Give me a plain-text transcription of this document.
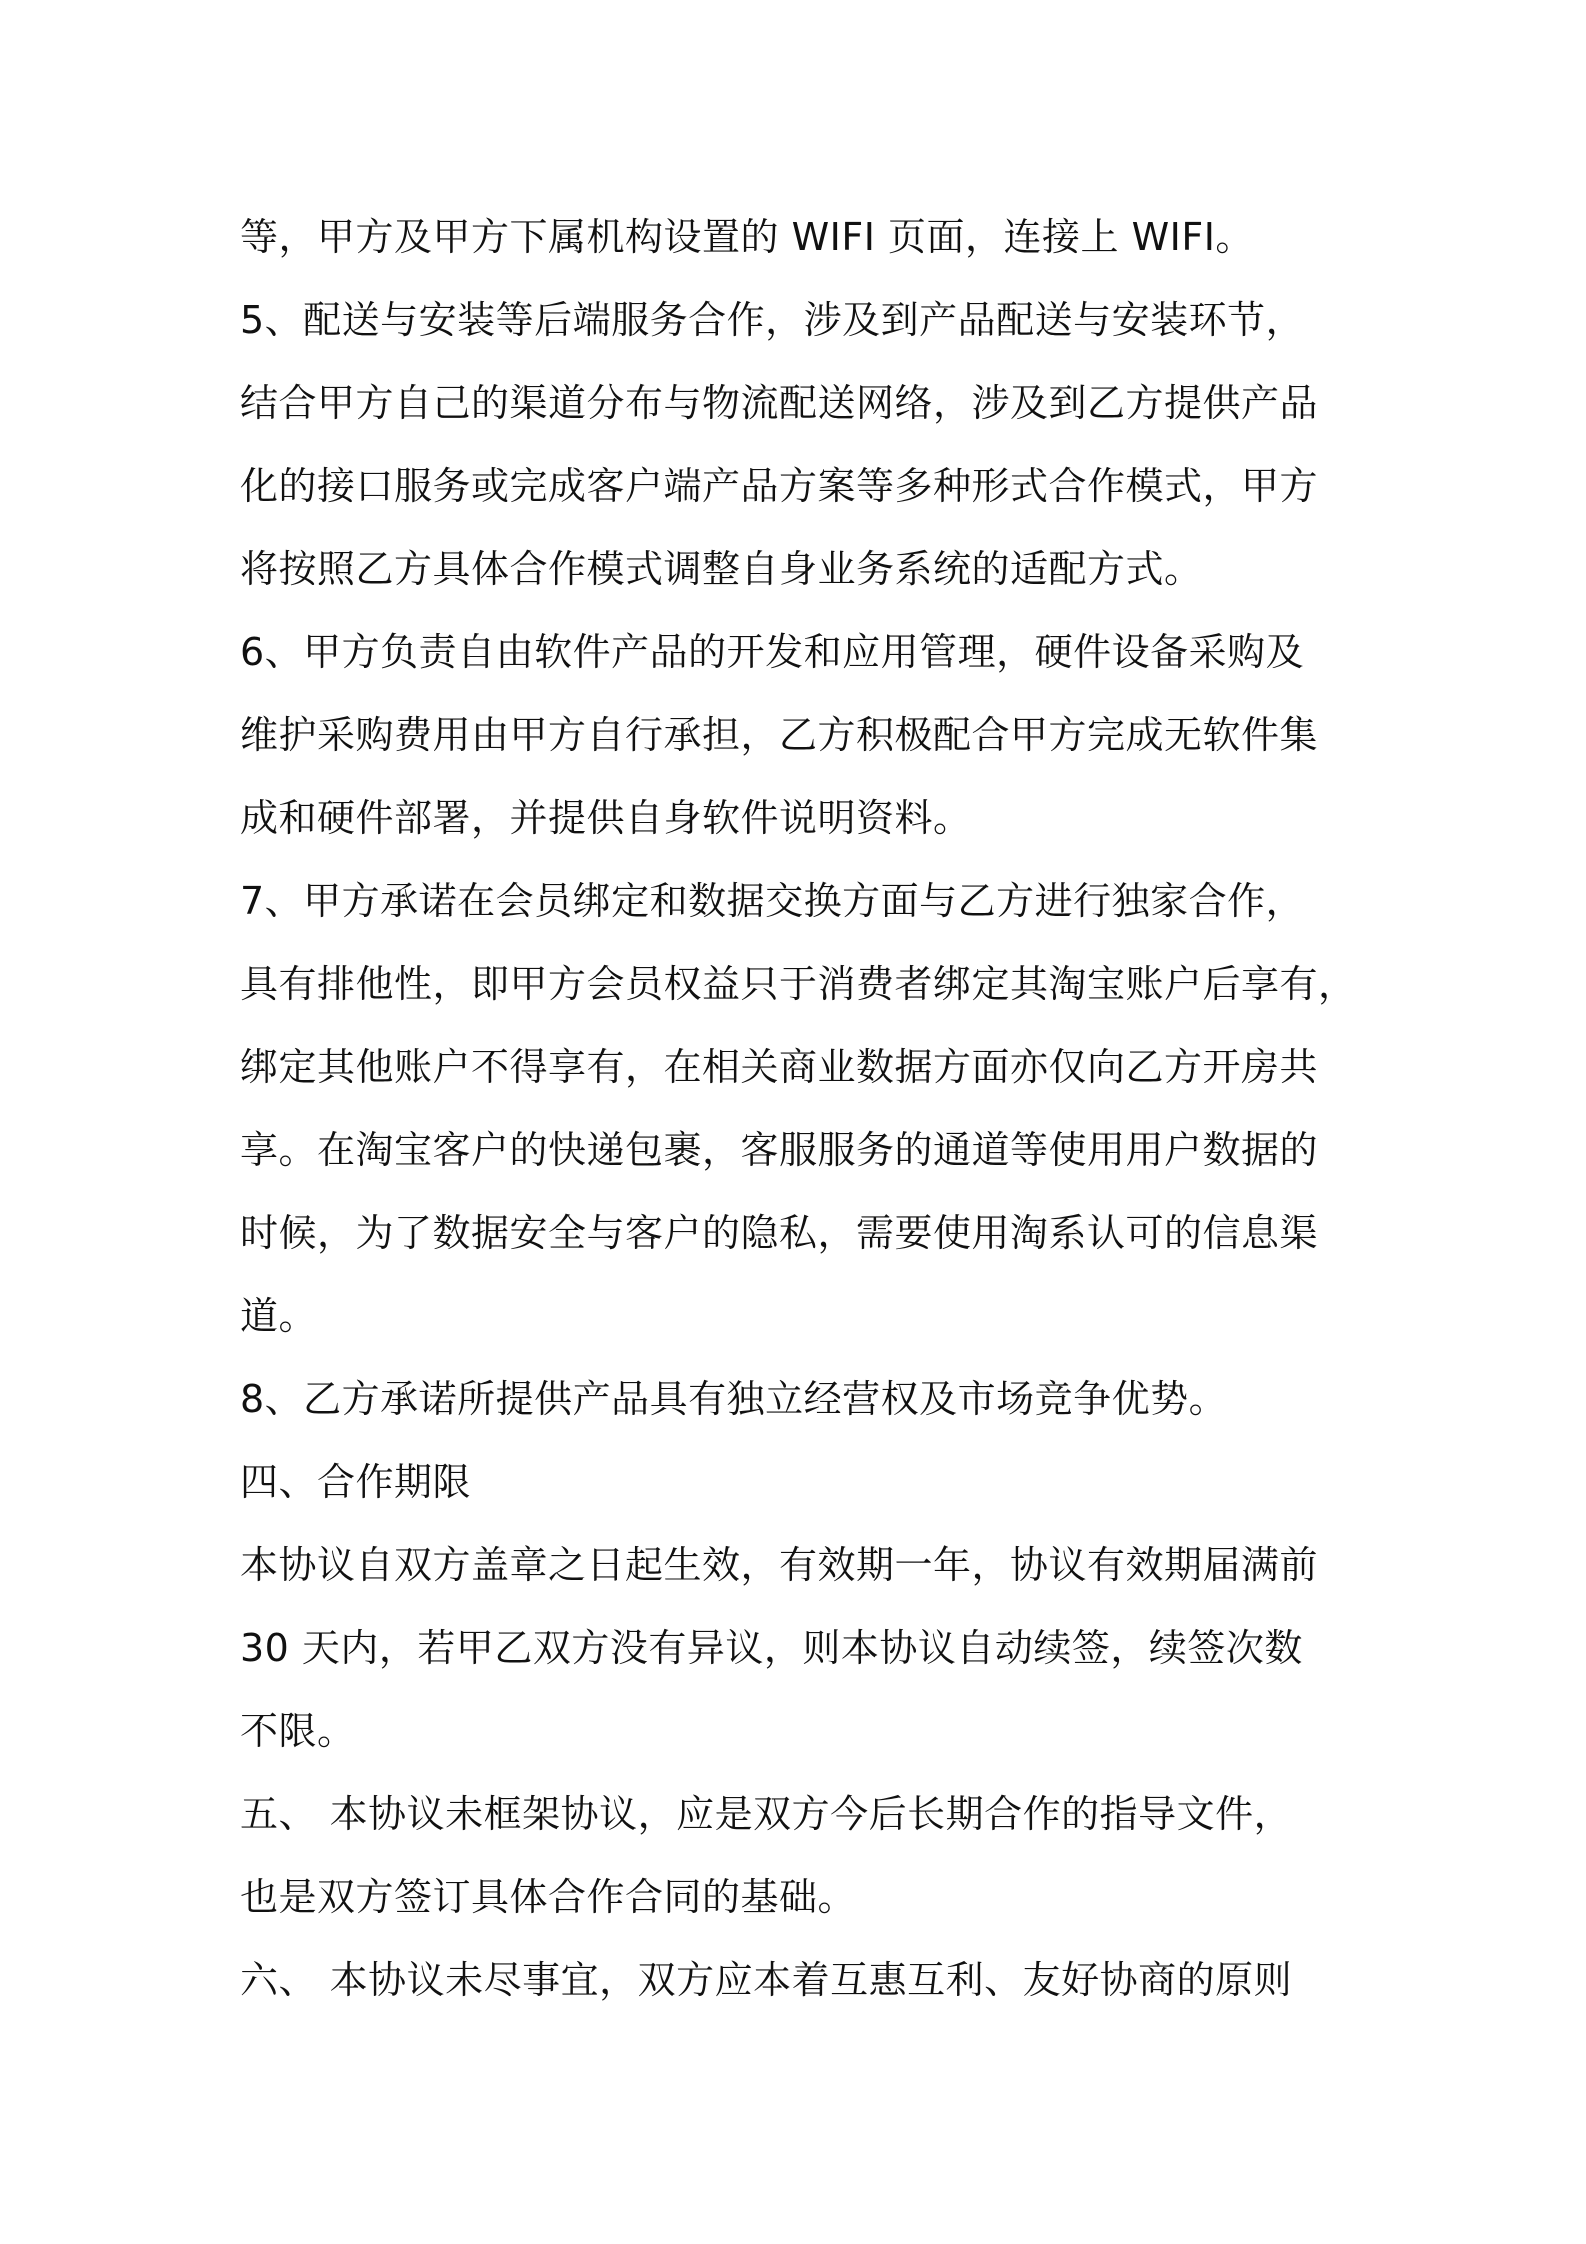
等，甲方及甲方下属机构设置的 WIFI 页面，连接上 WIFI。
5、配送与安装等后端服务合作，涉及到产品配送与安装环节，
结合甲方自己的渠道分布与物流配送网络，涉及到乙方提供产品
化的接口服务或完成客户端产品方案等多种形式合作模式，甲方
将按照乙方具体合作模式调整自身业务系统的适配方式。
6、甲方负责自由软件产品的开发和应用管理，硬件设备采购及
维护采购费用由甲方自行承担，乙方积极配合甲方完成无软件集
成和硬件部署，并提供自身软件说明资料。
7、甲方承诺在会员绑定和数据交换方面与乙方进行独家合作，
具有排他性，即甲方会员权益只于消费者绑定其淘宝账户后享有，
绑定其他账户不得享有，在相关商业数据方面亦仅向乙方开房共
享。在淘宝客户的快递包裹，客服服务的通道等使用用户数据的
时候，为了数据安全与客户的隐私，需要使用淘系认可的信息渠
道。
8、乙方承诺所提供产品具有独立经营权及市场竞争优势。
四、合作期限
本协议自双方盖章之日起生效，有效期一年，协议有效期届满前
30 天内，若甲乙双方没有异议，则本协议自动续签，续签次数
不限。
五、 本协议未框架协议，应是双方今后长期合作的指导文件，
也是双方签订具体合作合同的基础。
六、 本协议未尽事宜，双方应本着互惠互利、友好协商的原则
